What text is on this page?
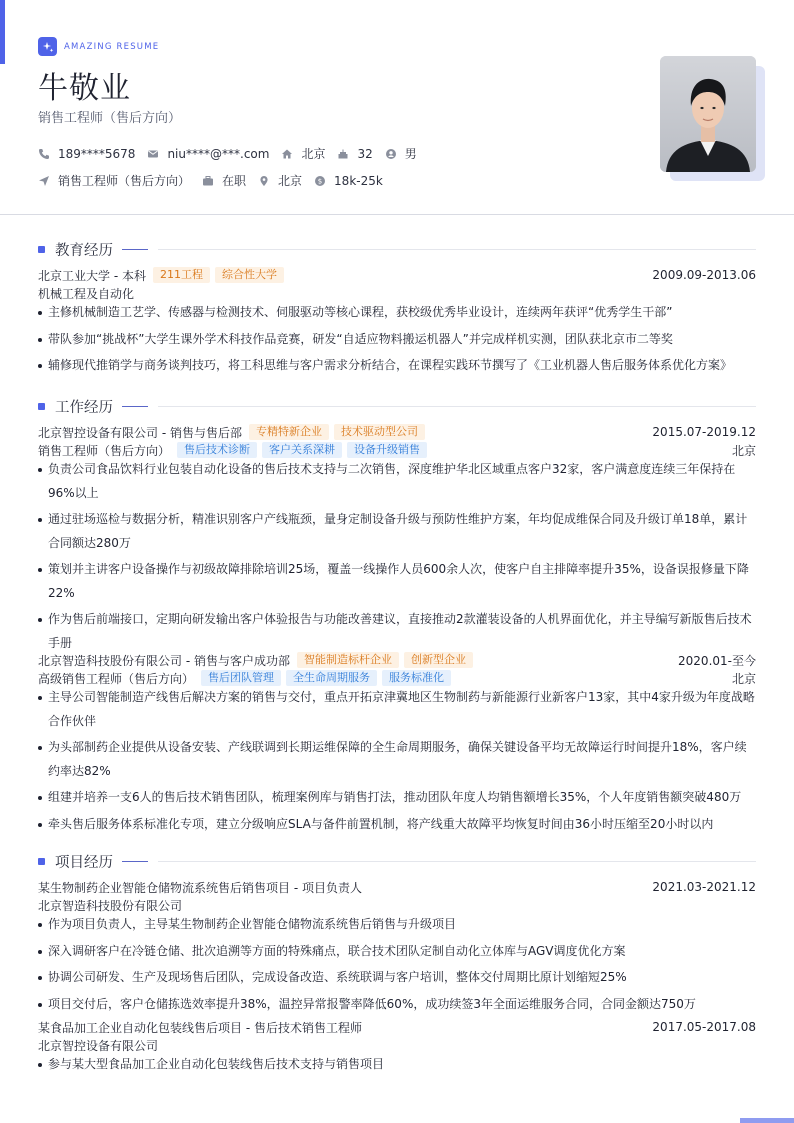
AMAZING RESUME
牛敬业
销售工程师（售后方向）
189****5678	niu****@***.com	北京	32	男
销售工程师（售后方向）	在职	北京 $ 18k-25k
教育经历
北京工业大学 - 本科	211工程	综合性大学	2009.09-2013.06
机械工程及自动化
主修机械制造工艺学、传感器与检测技术、伺服驱动等核心课程，获校级优秀毕业设计，连续两年获评“优秀学生干部”
带队参加“挑战杯”大学生课外学术科技作品竞赛，研发“自适应物料搬运机器人”并完成样机实测，团队获北京市二等奖
辅修现代推销学与商务谈判技巧，将工科思维与客户需求分析结合，在课程实践环节撰写了《工业机器人售后服务体系优化方案》
工作经历
北京智控设备有限公司 - 销售与售后部	专精特新企业	技术驱动型公司	2015.07-2019.12
销售工程师（售后方向）	售后技术诊断	客户关系深耕	设备升级销售	北京
负责公司食品饮料行业包装自动化设备的售后技术支持与二次销售，深度维护华北区域重点客户32家，客户满意度连续三年保持在96%以上
通过驻场巡检与数据分析，精准识别客户产线瓶颈，量身定制设备升级与预防性维护方案，年均促成维保合同及升级订单18单，累计合同额达280万
策划并主讲客户设备操作与初级故障排除培训25场，覆盖一线操作人员600余人次，使客户自主排障率提升35%，设备误报修量下降22%
作为售后前端接口，定期向研发输出客户体验报告与功能改善建议，直接推动2款灌装设备的人机界面优化，并主导编写新版售后技术手册
北京智造科技股份有限公司 - 销售与客户成功部	智能制造标杆企业	创新型企业	2020.01-至今
高级销售工程师（售后方向）	售后团队管理	全生命周期服务	服务标准化	北京
主导公司智能制造产线售后解决方案的销售与交付，重点开拓京津冀地区生物制药与新能源行业新客户13家，其中4家升级为年度战略合作伙伴
为头部制药企业提供从设备安装、产线联调到长期运维保障的全生命周期服务，确保关键设备平均无故障运行时间提升18%，客户续约率达82%
组建并培养一支6人的售后技术销售团队，梳理案例库与销售打法，推动团队年度人均销售额增长35%，个人年度销售额突破480万
牵头售后服务体系标准化专项，建立分级响应SLA与备件前置机制，将产线重大故障平均恢复时间由36小时压缩至20小时以内
项目经历
某生物制药企业智能仓储物流系统售后销售项目 - 项目负责人	2021.03-2021.12
北京智造科技股份有限公司
作为项目负责人，主导某生物制药企业智能仓储物流系统售后销售与升级项目
深入调研客户在冷链仓储、批次追溯等方面的特殊痛点，联合技术团队定制自动化立体库与AGV调度优化方案
协调公司研发、生产及现场售后团队，完成设备改造、系统联调与客户培训，整体交付周期比原计划缩短25%
项目交付后，客户仓储拣选效率提升38%，温控异常报警率降低60%，成功续签3年全面运维服务合同，合同金额达750万
某食品加工企业自动化包装线售后项目 - 售后技术销售工程师	2017.05-2017.08
北京智控设备有限公司
参与某大型食品加工企业自动化包装线售后技术支持与销售项目
